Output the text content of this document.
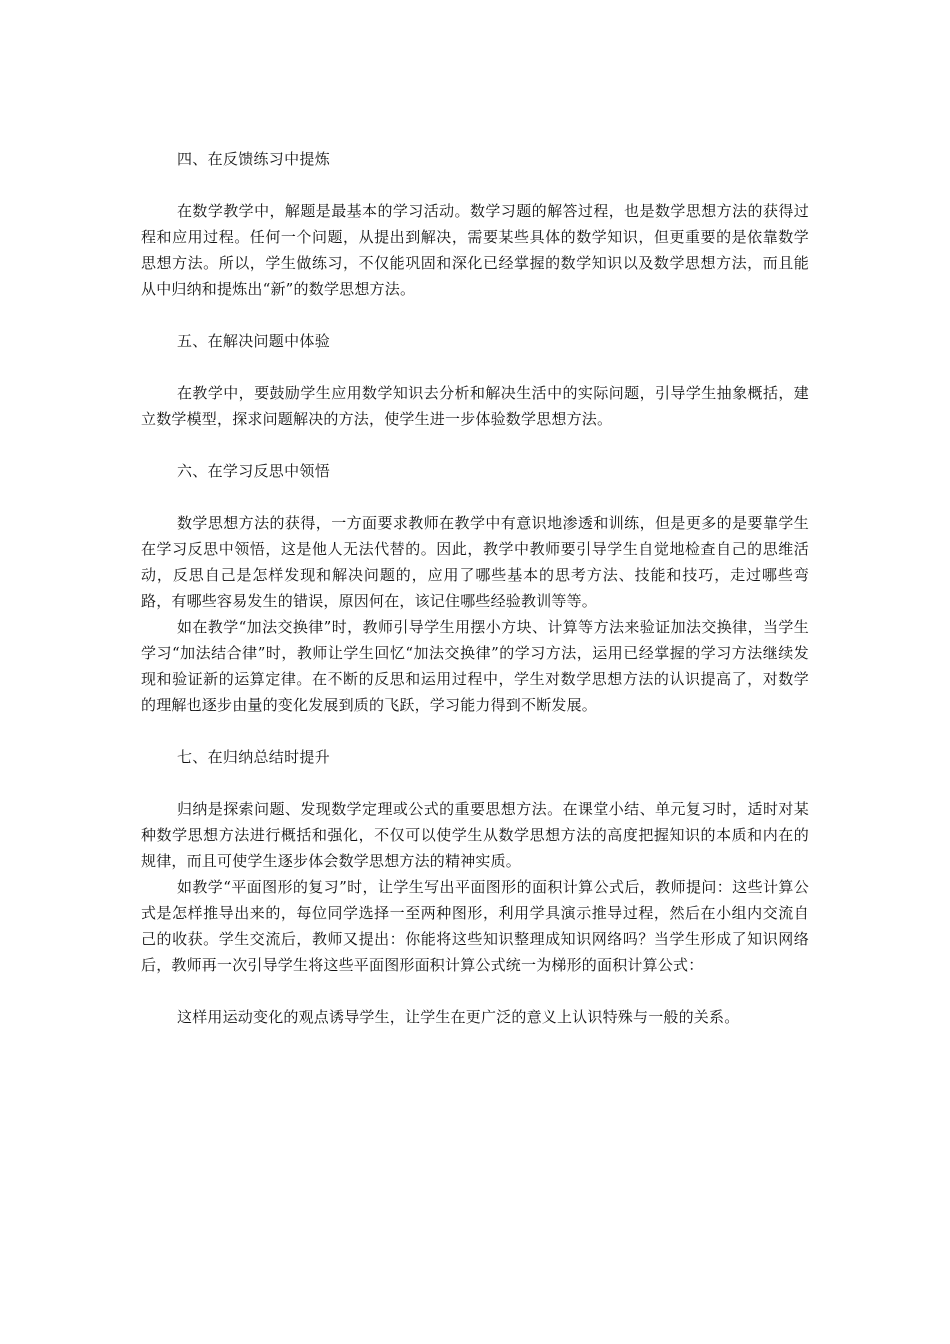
四、在反馈练习中提炼

在数学教学中，解题是最基本的学习活动。数学习题的解答过程，也是数学思想方法的获得过程和应用过程。任何一个问题，从提出到解决，需要某些具体的数学知识，但更重要的是依靠数学思想方法。所以，学生做练习，不仅能巩固和深化已经掌握的数学知识以及数学思想方法，而且能从中归纳和提炼出“新”的数学思想方法。

五、在解决问题中体验

在教学中，要鼓励学生应用数学知识去分析和解决生活中的实际问题，引导学生抽象概括，建立数学模型，探求问题解决的方法，使学生进一步体验数学思想方法。

六、在学习反思中领悟

数学思想方法的获得，一方面要求教师在教学中有意识地渗透和训练，但是更多的是要靠学生在学习反思中领悟，这是他人无法代替的。因此，教学中教师要引导学生自觉地检查自己的思维活动，反思自己是怎样发现和解决问题的，应用了哪些基本的思考方法、技能和技巧，走过哪些弯路，有哪些容易发生的错误，原因何在，该记住哪些经验教训等等。

如在教学“加法交换律”时，教师引导学生用摆小方块、计算等方法来验证加法交换律，当学生学习“加法结合律”时，教师让学生回忆“加法交换律”的学习方法，运用已经掌握的学习方法继续发现和验证新的运算定律。在不断的反思和运用过程中，学生对数学思想方法的认识提高了，对数学的理解也逐步由量的变化发展到质的飞跃，学习能力得到不断发展。

七、在归纳总结时提升

归纳是探索问题、发现数学定理或公式的重要思想方法。在课堂小结、单元复习时，适时对某种数学思想方法进行概括和强化，不仅可以使学生从数学思想方法的高度把握知识的本质和内在的规律，而且可使学生逐步体会数学思想方法的精神实质。

如教学“平面图形的复习”时，让学生写出平面图形的面积计算公式后，教师提问：这些计算公式是怎样推导出来的，每位同学选择一至两种图形，利用学具演示推导过程，然后在小组内交流自己的收获。学生交流后，教师又提出：你能将这些知识整理成知识网络吗？当学生形成了知识网络后，教师再一次引导学生将这些平面图形面积计算公式统一为梯形的面积计算公式：

这样用运动变化的观点诱导学生，让学生在更广泛的意义上认识特殊与一般的关系。
